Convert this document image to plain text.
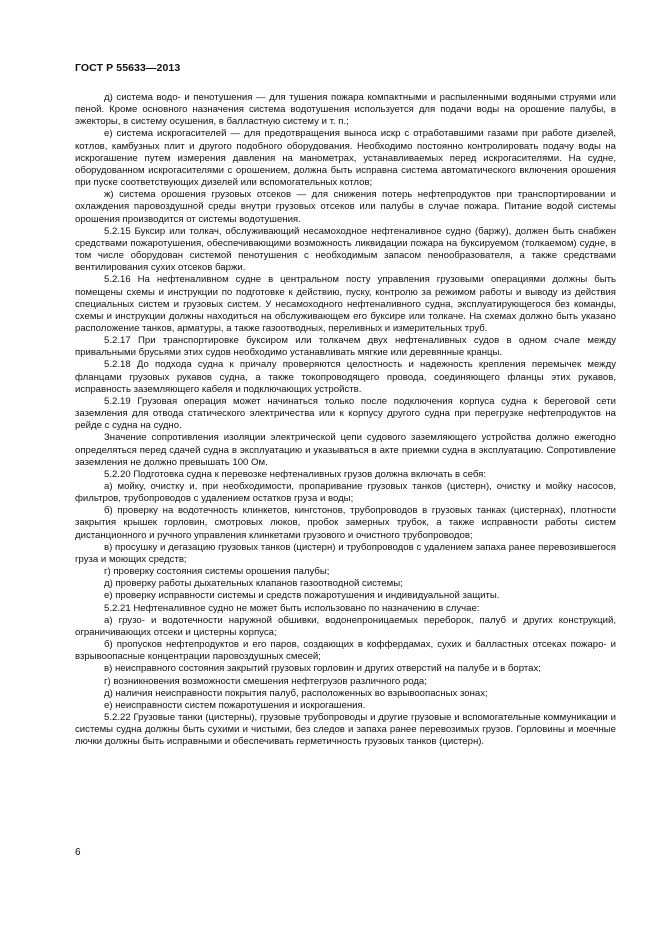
ГОСТ Р 55633—2013

д) система водо- и пенотушения — для тушения пожара компактными и распыленными водяными струями или пеной. Кроме основного назначения система водотушения используется для подачи воды на орошение палубы, в эжекторы, в систему осушения, в балластную систему и т. п.;

е) система искрогасителей — для предотвращения выноса искр с отработавшими газами при работе дизелей, котлов, камбузных плит и другого подобного оборудования. Необходимо постоянно контролировать подачу воды на искрогашение путем измерения давления на манометрах, устанавливаемых перед искрогасителями. На судне, оборудованном искрогасителями с орошением, должна быть исправна система автоматического включения орошения при пуске соответствующих дизелей или вспомогательных котлов;

ж) система орошения грузовых отсеков — для снижения потерь нефтепродуктов при транспортировании и охлаждения паровоздушной среды внутри грузовых отсеков или палубы в случае пожара. Питание водой системы орошения производится от системы водотушения.

5.2.15 Буксир или толкач, обслуживающий несамоходное нефтеналивное судно (баржу), должен быть снабжен средствами пожаротушения, обеспечивающими возможность ликвидации пожара на буксируемом (толкаемом) судне, в том числе оборудован системой пенотушения с необходимым запасом пенообразователя, а также средствами вентилирования сухих отсеков баржи.

5.2.16 На нефтеналивном судне в центральном посту управления грузовыми операциями должны быть помещены схемы и инструкции по подготовке к действию, пуску, контролю за режимом работы и выводу из действия специальных систем и грузовых систем. У несамоходного нефтеналивного судна, эксплуатирующегося без команды, схемы и инструкции должны находиться на обслуживающем его буксире или толкаче. На схемах должно быть указано расположение танков, арматуры, а также газоотводных, переливных и измерительных труб.

5.2.17 При транспортировке буксиром или толкачем двух нефтеналивных судов в одном счале между привальными брусьями этих судов необходимо устанавливать мягкие или деревянные кранцы.

5.2.18 До подхода судна к причалу проверяются целостность и надежность крепления перемычек между фланцами грузовых рукавов судна, а также токопроводящего провода, соединяющего фланцы этих рукавов, исправность заземляющего кабеля и подключающих устройств.

5.2.19 Грузовая операция может начинаться только после подключения корпуса судна к береговой сети заземления для отвода статического электричества или к корпусу другого судна при перегрузке нефтепродуктов на рейде с судна на судно.

Значение сопротивления изоляции электрической цепи судового заземляющего устройства должно ежегодно определяться перед сдачей судна в эксплуатацию и указываться в акте приемки судна в эксплуатацию. Сопротивление заземления не должно превышать 100 Ом.

5.2.20 Подготовка судна к перевозке нефтеналивных грузов должна включать в себя:

а) мойку, очистку и, при необходимости, пропаривание грузовых танков (цистерн), очистку и мойку насосов, фильтров, трубопроводов с удалением остатков груза и воды;

б) проверку на водотечность клинкетов, кингстонов, трубопроводов в грузовых танках (цистернах), плотности закрытия крышек горловин, смотровых люков, пробок замерных трубок, а также исправности работы систем дистанционного и ручного управления клинкетами грузового и очистного трубопроводов;

в) просушку и дегазацию грузовых танков (цистерн) и трубопроводов с удалением запаха ранее перевозившегося груза и моющих средств;

г) проверку состояния системы орошения палубы;

д) проверку работы дыхательных клапанов газоотводной системы;

е) проверку исправности системы и средств пожаротушения и индивидуальной защиты.

5.2.21 Нефтеналивное судно не может быть использовано по назначению в случае:

а) грузо- и водотечности наружной обшивки, водонепроницаемых переборок, палуб и других конструкций, ограничивающих отсеки и цистерны корпуса;

б) пропусков нефтепродуктов и его паров, создающих в коффердамах, сухих и балластных отсеках пожаро- и взрывоопасные концентрации паровоздушных смесей;

в) неисправного состояния закрытий грузовых горловин и других отверстий на палубе и в бортах;

г) возникновения возможности смешения нефтегрузов различного рода;

д) наличия неисправности покрытия палуб, расположенных во взрывоопасных зонах;

е) неисправности систем пожаротушения и искрогашения.

5.2.22 Грузовые танки (цистерны), грузовые трубопроводы и другие грузовые и вспомогательные коммуникации и системы судна должны быть сухими и чистыми, без следов и запаха ранее перевозимых грузов. Горловины и моечные лючки должны быть исправными и обеспечивать герметичность грузовых танков (цистерн).

6
